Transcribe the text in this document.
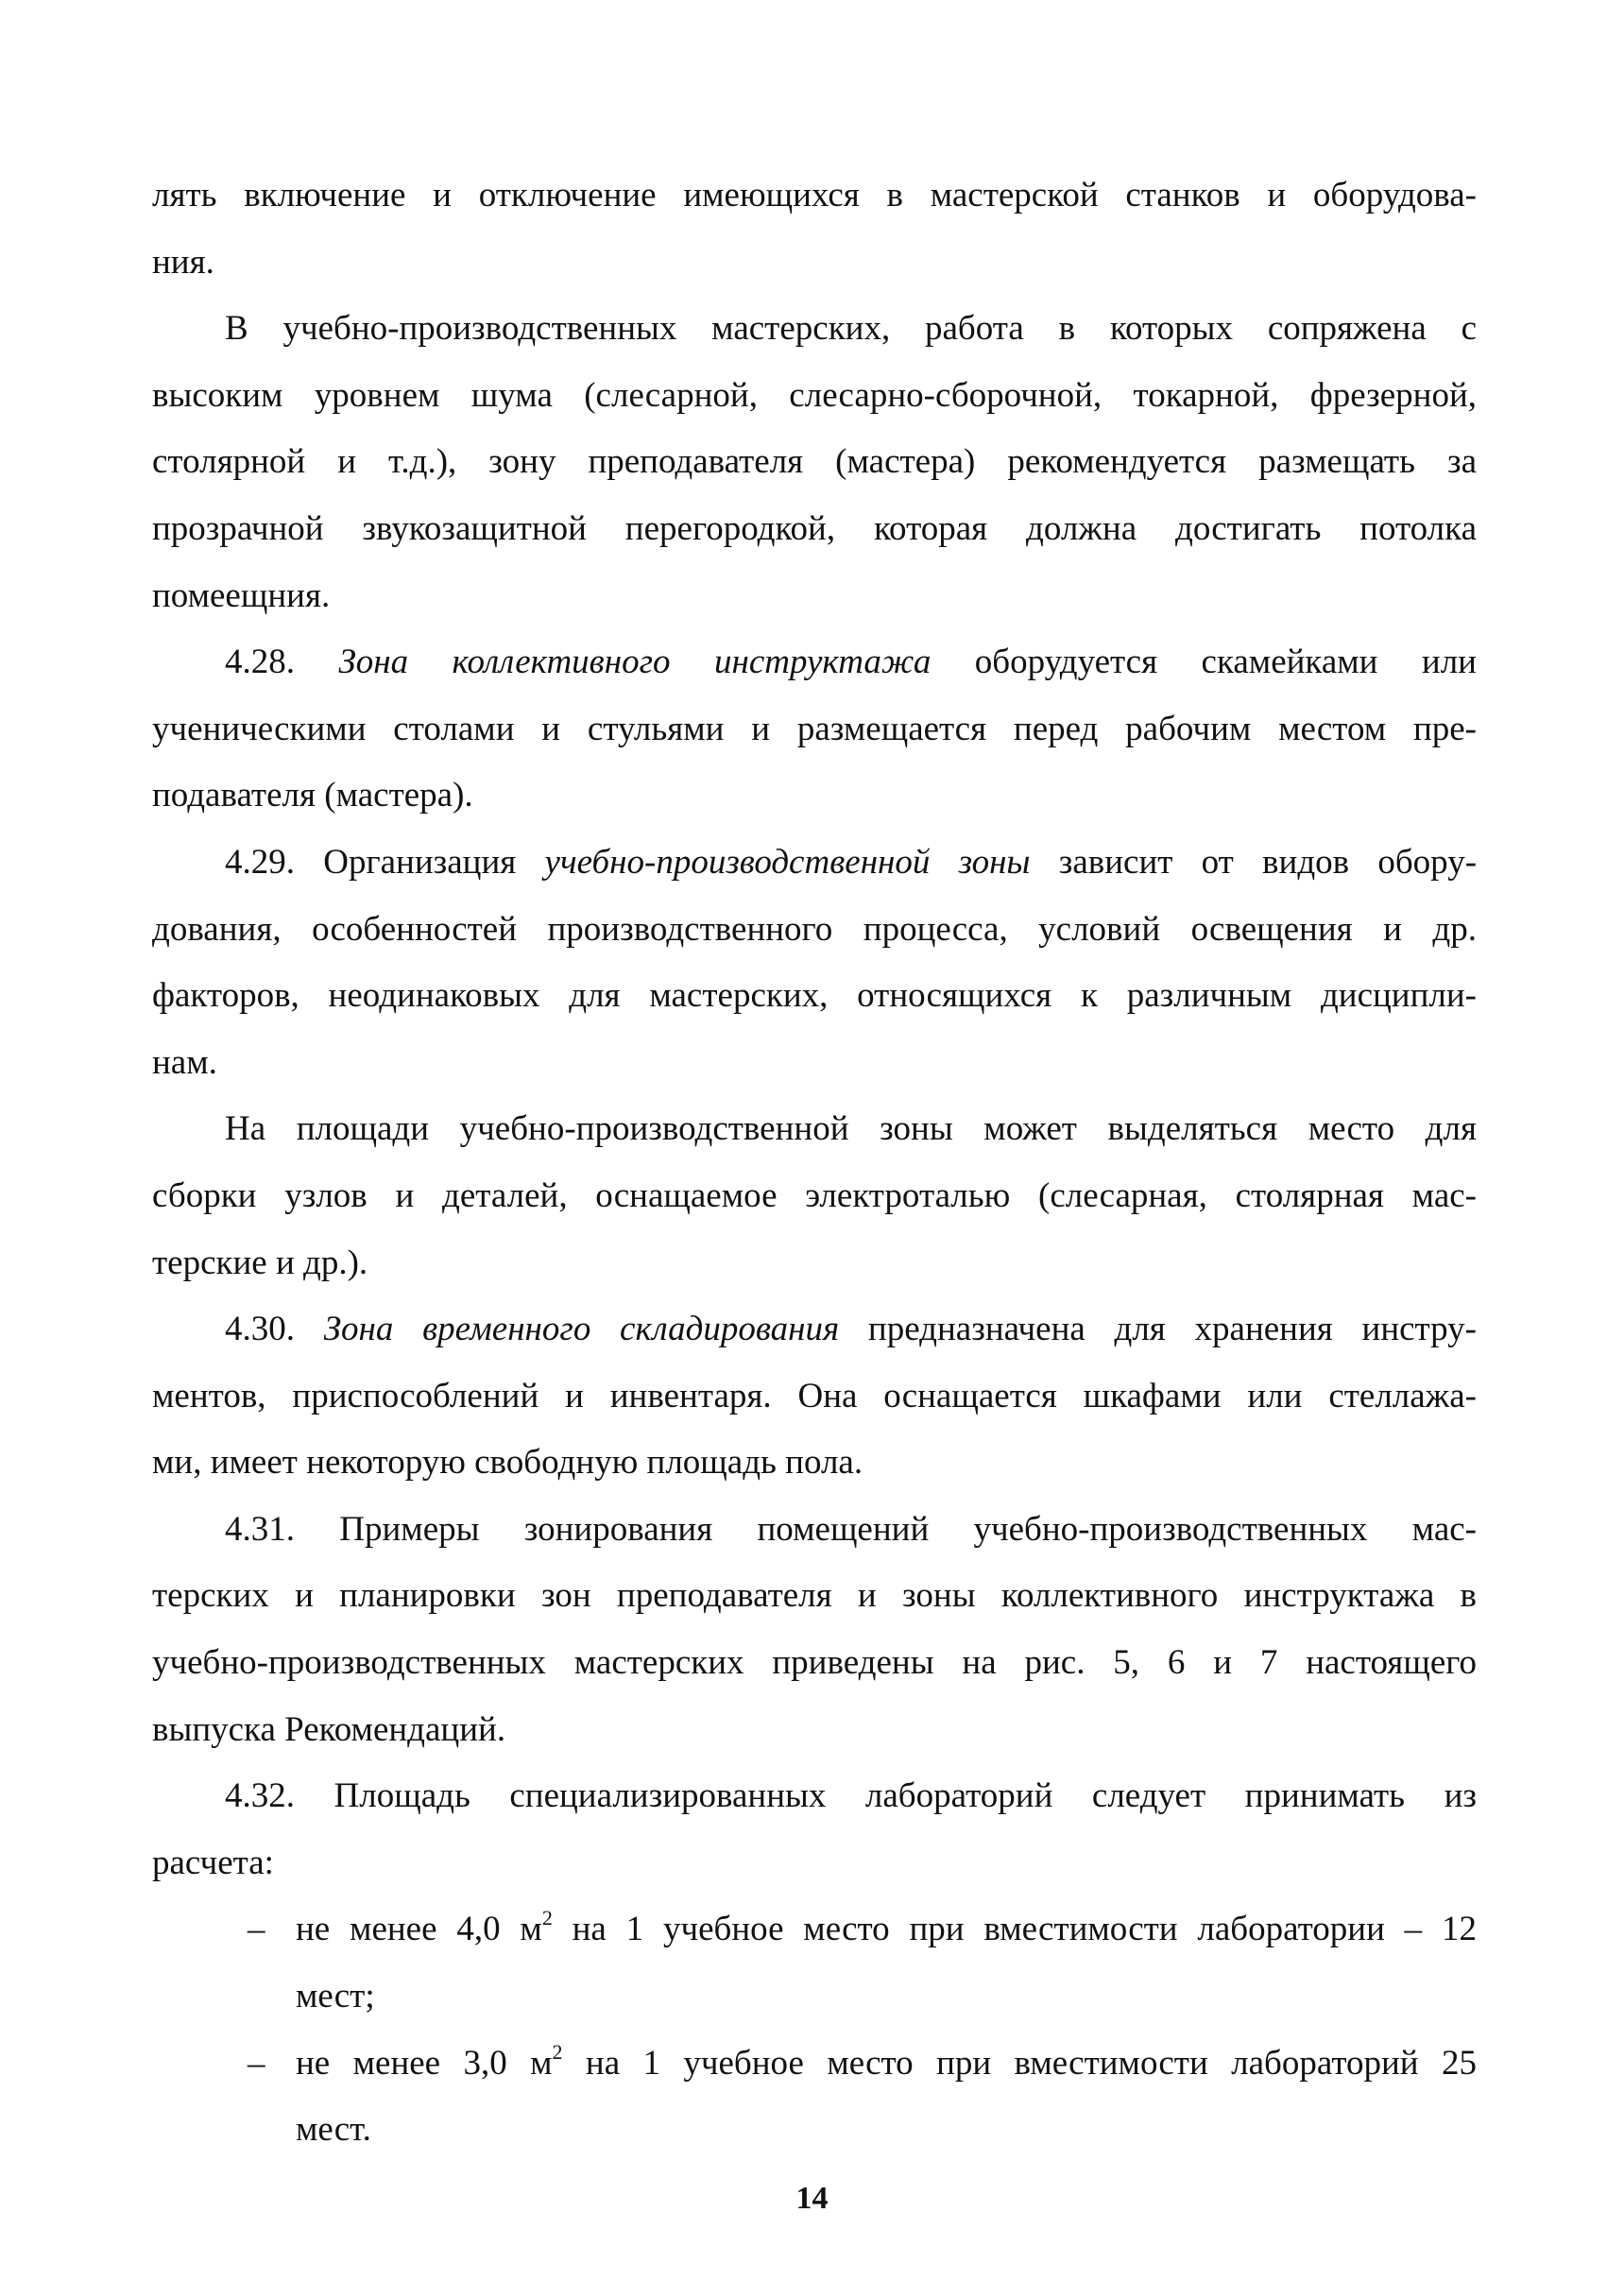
лять включение и отключение имеющихся в мастерской станков и оборудова-
ния.
В учебно-производственных мастерских, работа в которых сопряжена с
высоким уровнем шума (слесарной, слесарно-сборочной, токарной, фрезерной,
столярной и т.д.), зону преподавателя (мастера) рекомендуется размещать за
прозрачной звукозащитной перегородкой, которая должна достигать потолка
помеещния.
4.28. Зона коллективного инструктажа оборудуется скамейками или
ученическими столами и стульями и размещается перед рабочим местом пре-
подавателя (мастера).
4.29. Организация учебно-производственной зоны зависит от видов обору-
дования, особенностей производственного процесса, условий освещения и др.
факторов, неодинаковых для мастерских, относящихся к различным дисципли-
нам.
На площади учебно-производственной зоны может выделяться место для
сборки узлов и деталей, оснащаемое электроталью (слесарная, столярная мас-
терские и др.).
4.30. Зона временного складирования предназначена для хранения инстру-
ментов, приспособлений и инвентаря. Она оснащается шкафами или стеллажа-
ми, имеет некоторую свободную площадь пола.
4.31. Примеры зонирования помещений учебно-производственных мас-
терских и планировки зон преподавателя и зоны коллективного инструктажа в
учебно-производственных мастерских приведены на рис. 5, 6 и 7 настоящего
выпуска Рекомендаций.
4.32. Площадь специализированных лабораторий следует принимать из
расчета:
– не менее 4,0 $м^2$ на 1 учебное место при вместимости лаборатории – 12
мест;
– не менее 3,0 $м^2$ на 1 учебное место при вместимости лабораторий 25
мест.
14
